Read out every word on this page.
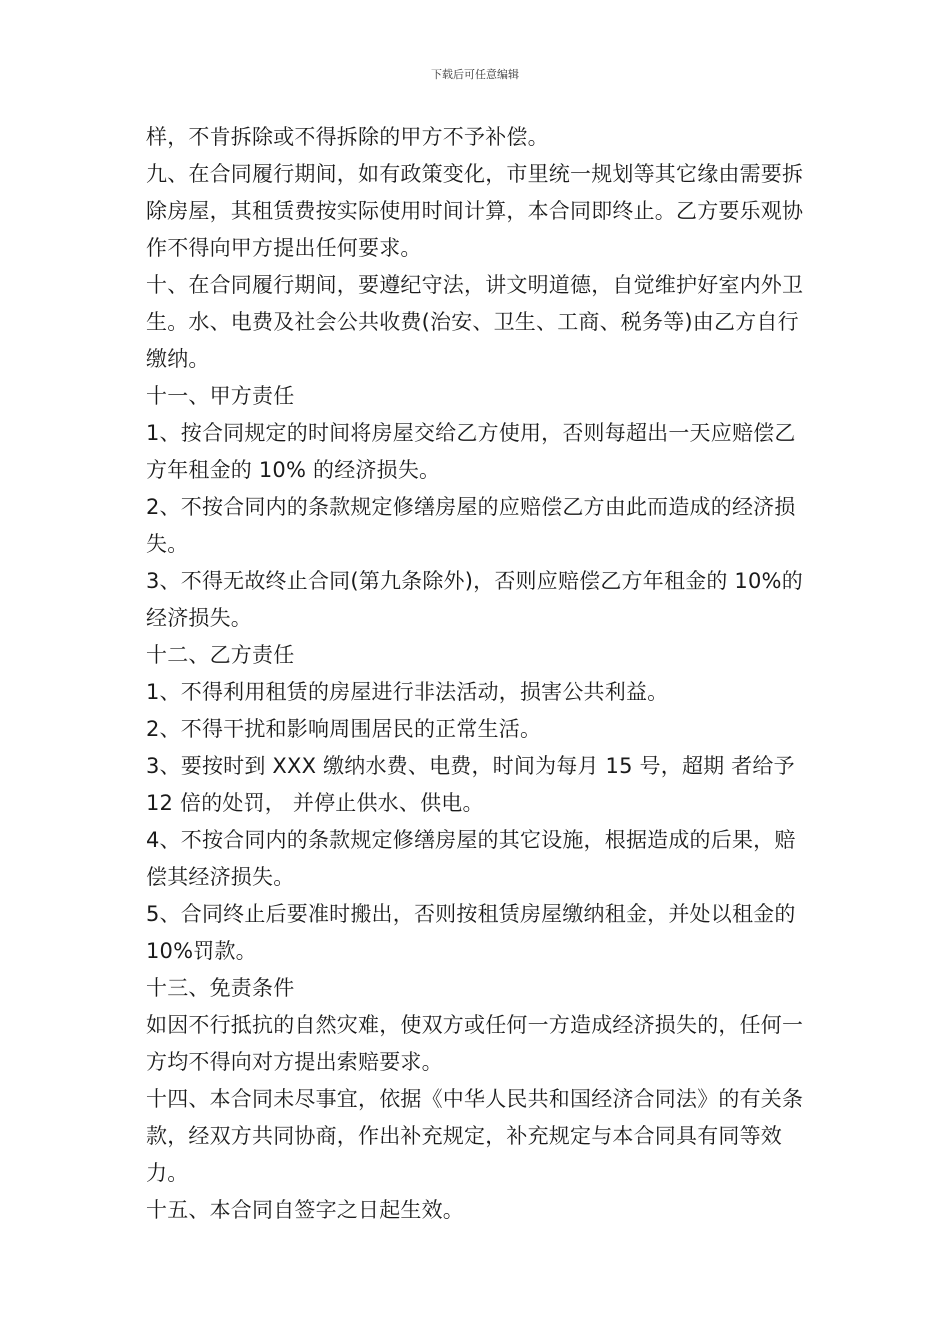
下载后可任意编辑

样，不肯拆除或不得拆除的甲方不予补偿。

九、在合同履行期间，如有政策变化，市里统一规划等其它缘由需要拆除房屋，其租赁费按实际使用时间计算，本合同即终止。乙方要乐观协作不得向甲方提出任何要求。

十、在合同履行期间，要遵纪守法，讲文明道德，自觉维护好室内外卫生。水、电费及社会公共收费(治安、卫生、工商、税务等)由乙方自行缴纳。

十一、甲方责任

1、按合同规定的时间将房屋交给乙方使用，否则每超出一天应赔偿乙方年租金的 10% 的经济损失。

2、不按合同内的条款规定修缮房屋的应赔偿乙方由此而造成的经济损失。

3、不得无故终止合同(第九条除外)，否则应赔偿乙方年租金的 10%的经济损失。

十二、乙方责任

1、不得利用租赁的房屋进行非法活动，损害公共利益。

2、不得干扰和影响周围居民的正常生活。

3、要按时到 XXX 缴纳水费、电费，时间为每月 15 号，超期 者给予 12 倍的处罚， 并停止供水、供电。

4、不按合同内的条款规定修缮房屋的其它设施，根据造成的后果，赔偿其经济损失。

5、合同终止后要准时搬出，否则按租赁房屋缴纳租金，并处以租金的 10%罚款。

十三、免责条件

如因不行抵抗的自然灾难，使双方或任何一方造成经济损失的，任何一方均不得向对方提出索赔要求。

十四、本合同未尽事宜，依据《中华人民共和国经济合同法》的有关条款，经双方共同协商，作出补充规定，补充规定与本合同具有同等效力。

十五、本合同自签字之日起生效。
